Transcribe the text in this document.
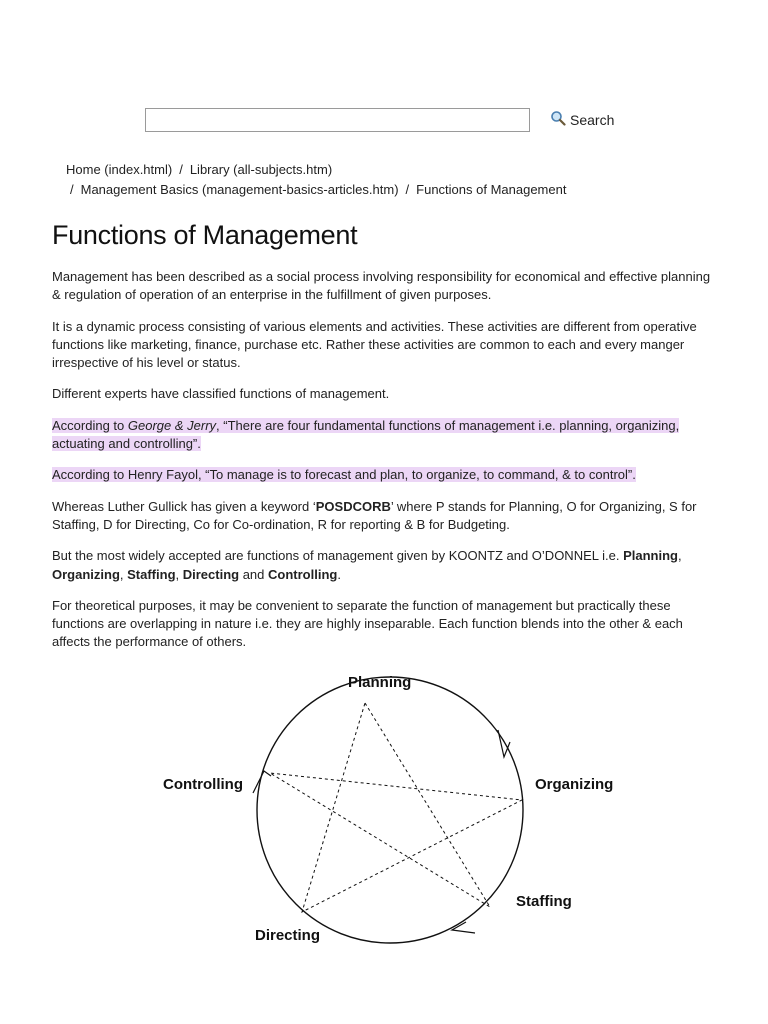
Search
Home (index.html) / Library (all-subjects.htm)
/ Management Basics (management-basics-articles.htm) / Functions of Management
Functions of Management

Management has been described as a social process involving responsibility for economical and effective planning & regulation of operation of an enterprise in the fulfillment of given purposes.

It is a dynamic process consisting of various elements and activities. These activities are different from operative functions like marketing, finance, purchase etc. Rather these activities are common to each and every manger irrespective of his level or status.

Different experts have classified functions of management.

According to George & Jerry, “There are four fundamental functions of management i.e. planning, organizing, actuating and controlling”.

According to Henry Fayol, “To manage is to forecast and plan, to organize, to command, & to control”.

Whereas Luther Gullick has given a keyword ‘POSDCORB’ where P stands for Planning, O for Organizing, S for Staffing, D for Directing, Co for Co-ordination, R for reporting & B for Budgeting.

But the most widely accepted are functions of management given by KOONTZ and O’DONNEL i.e. Planning, Organizing, Staffing, Directing and Controlling.

For theoretical purposes, it may be convenient to separate the function of management but practically these functions are overlapping in nature i.e. they are highly inseparable. Each function blends into the other & each affects the performance of others.

Planning
Organizing
Staffing
Directing
Controlling
